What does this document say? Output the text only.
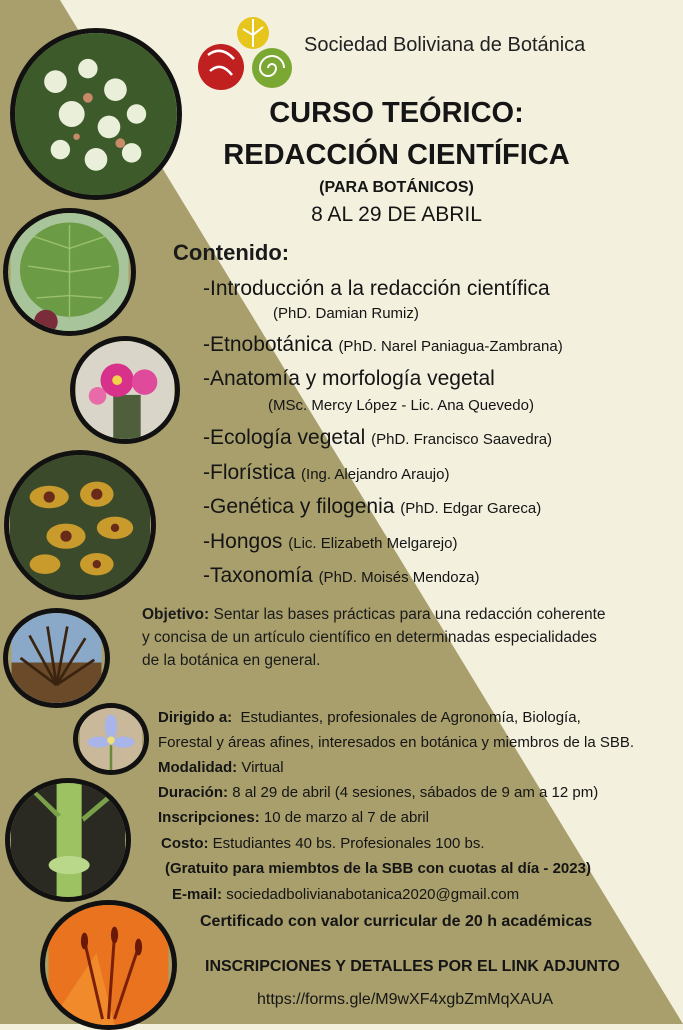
Sociedad Boliviana de Botánica
CURSO TEÓRICO:
REDACCIÓN CIENTÍFICA
(PARA BOTÁNICOS)
8 AL 29 DE ABRIL
Contenido:
-Introducción a la redacción científica
(PhD. Damian Rumiz)
-Etnobotánica (PhD. Narel Paniagua-Zambrana)
-Anatomía y morfología vegetal
(MSc. Mercy López - Lic. Ana Quevedo)
-Ecología vegetal (PhD. Francisco Saavedra)
-Florística (Ing. Alejandro Araujo)
-Genética y filogenia (PhD. Edgar Gareca)
-Hongos (Lic. Elizabeth Melgarejo)
-Taxonomía (PhD. Moisés Mendoza)
Objetivo: Sentar las bases prácticas para una redacción coherente
y concisa de un artículo científico en determinadas especialidades
de la botánica en general.
Dirigido a: Estudiantes, profesionales de Agronomía, Biología,
Forestal y áreas afines, interesados en botánica y miembros de la SBB.
Modalidad: Virtual
Duración: 8 al 29 de abril (4 sesiones, sábados de 9 am a 12 pm)
Inscripciones: 10 de marzo al 7 de abril
Costo: Estudiantes 40 bs. Profesionales 100 bs.
(Gratuito para miembtos de la SBB con cuotas al día - 2023)
E-mail: sociedadbolivianabotanica2020@gmail.com
Certificado con valor curricular de 20 h académicas
INSCRIPCIONES Y DETALLES POR EL LINK ADJUNTO
https://forms.gle/M9wXF4xgbZmMqXAUA
